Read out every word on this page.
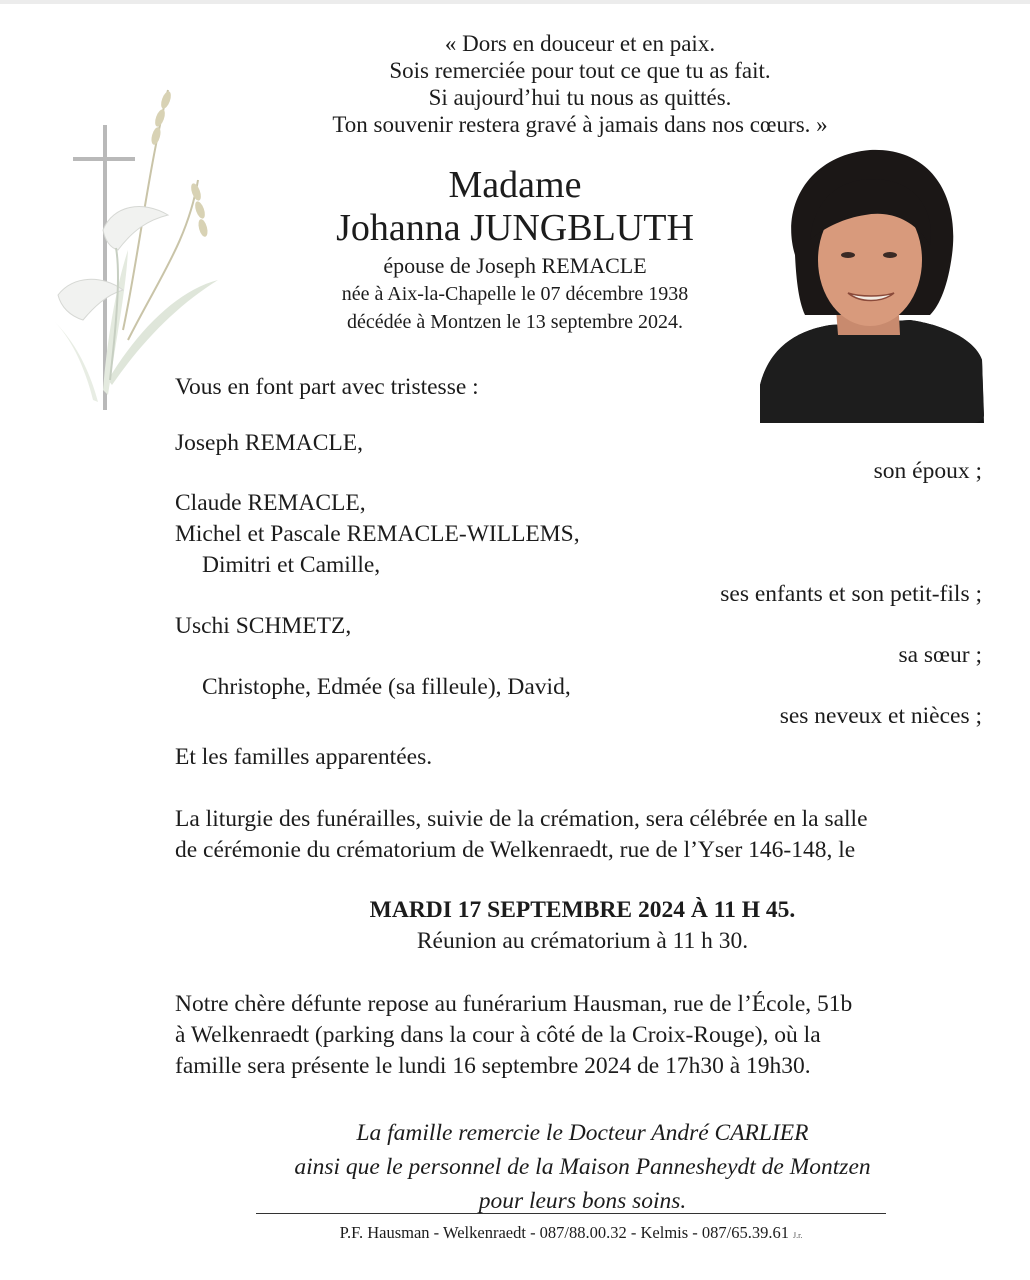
« Dors en douceur et en paix.
Sois remerciée pour tout ce que tu as fait.
Si aujourd’hui tu nous as quittés.
Ton souvenir restera gravé à jamais dans nos cœurs. »
Madame
Johanna JUNGBLUTH
épouse de Joseph REMACLE
née à Aix-la-Chapelle le 07 décembre 1938
décédée à Montzen le 13 septembre 2024.
Vous en font part avec tristesse :
Joseph REMACLE,
son époux ;
Claude REMACLE,
Michel et Pascale REMACLE-WILLEMS,
Dimitri et Camille,
ses enfants et son petit-fils ;
Uschi SCHMETZ,
sa sœur ;
Christophe, Edmée (sa filleule), David,
ses neveux et nièces ;
Et les familles apparentées.
La liturgie des funérailles, suivie de la crémation, sera célébrée en la salle
de cérémonie du crématorium de Welkenraedt, rue de l’Yser 146-148, le
MARDI 17 SEPTEMBRE 2024 À 11 H 45.
Réunion au crématorium à 11 h 30.
Notre chère défunte repose au funérarium Hausman, rue de l’École, 51b
à Welkenraedt (parking dans la cour à côté de la Croix-Rouge), où la
famille sera présente le lundi 16 septembre 2024 de 17h30 à 19h30.
La famille remercie le Docteur André CARLIER
ainsi que le personnel de la Maison Pannesheydt de Montzen
pour leurs bons soins.
P.F. Hausman - Welkenraedt - 087/88.00.32 - Kelmis - 087/65.39.61 J.r.
